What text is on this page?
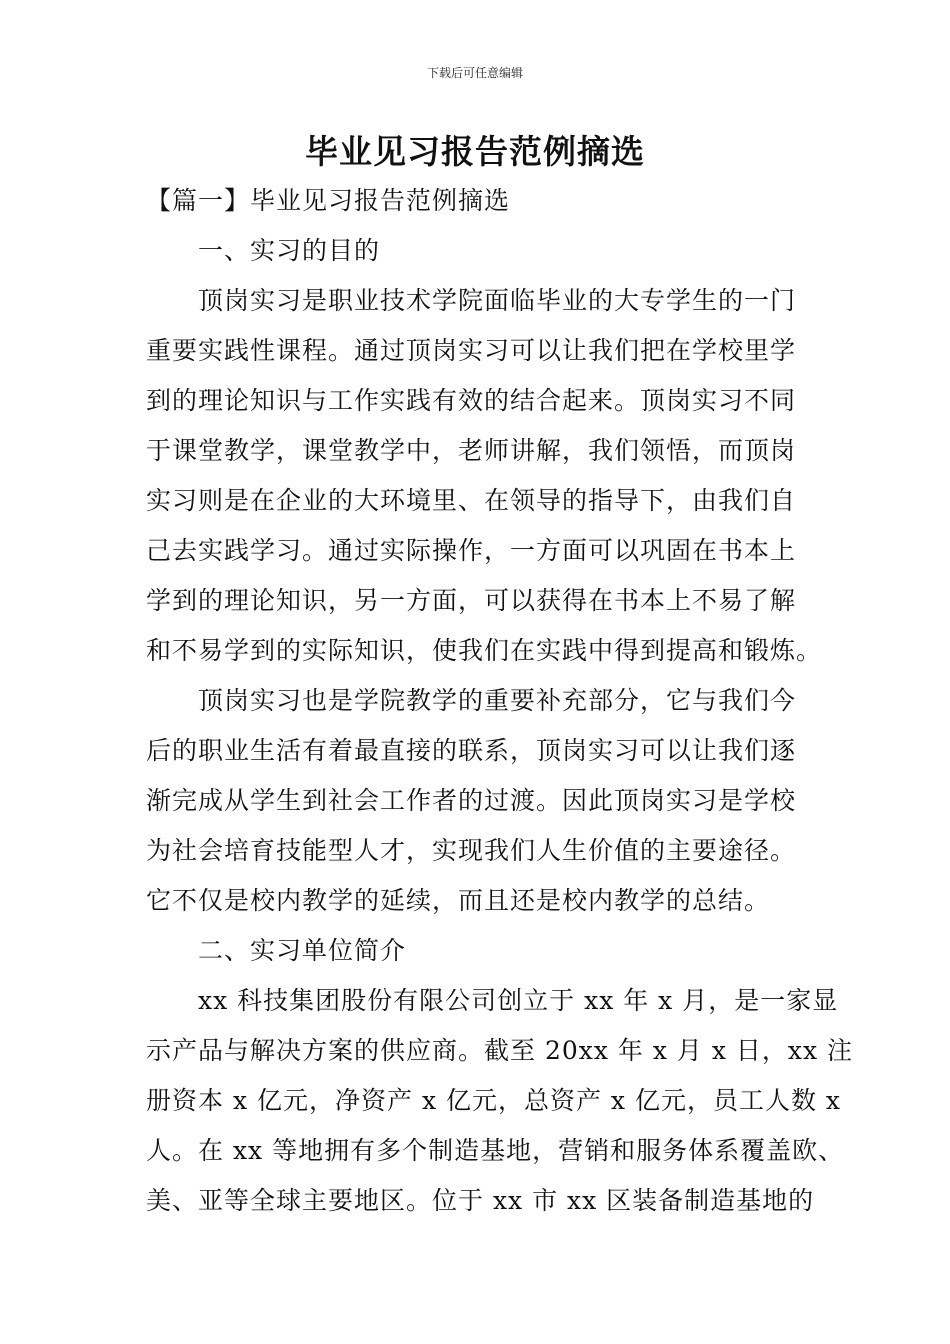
下载后可任意编辑
毕业见习报告范例摘选
【篇一】毕业见习报告范例摘选
一、实习的目的
顶岗实习是职业技术学院面临毕业的大专学生的一门
重要实践性课程。通过顶岗实习可以让我们把在学校里学
到的理论知识与工作实践有效的结合起来。顶岗实习不同
于课堂教学，课堂教学中，老师讲解，我们领悟，而顶岗
实习则是在企业的大环境里、在领导的指导下，由我们自
己去实践学习。通过实际操作，一方面可以巩固在书本上
学到的理论知识，另一方面，可以获得在书本上不易了解
和不易学到的实际知识，使我们在实践中得到提高和锻炼。
顶岗实习也是学院教学的重要补充部分，它与我们今
后的职业生活有着最直接的联系，顶岗实习可以让我们逐
渐完成从学生到社会工作者的过渡。因此顶岗实习是学校
为社会培育技能型人才，实现我们人生价值的主要途径。
它不仅是校内教学的延续，而且还是校内教学的总结。
二、实习单位简介
xx 科技集团股份有限公司创立于 xx 年 x 月，是一家显
示产品与解决方案的供应商。截至 20xx 年 x 月 x 日，xx 注
册资本 x 亿元，净资产 x 亿元，总资产 x 亿元，员工人数 x
人。在 xx 等地拥有多个制造基地，营销和服务体系覆盖欧、
美、亚等全球主要地区。位于 xx 市 xx 区装备制造基地的
